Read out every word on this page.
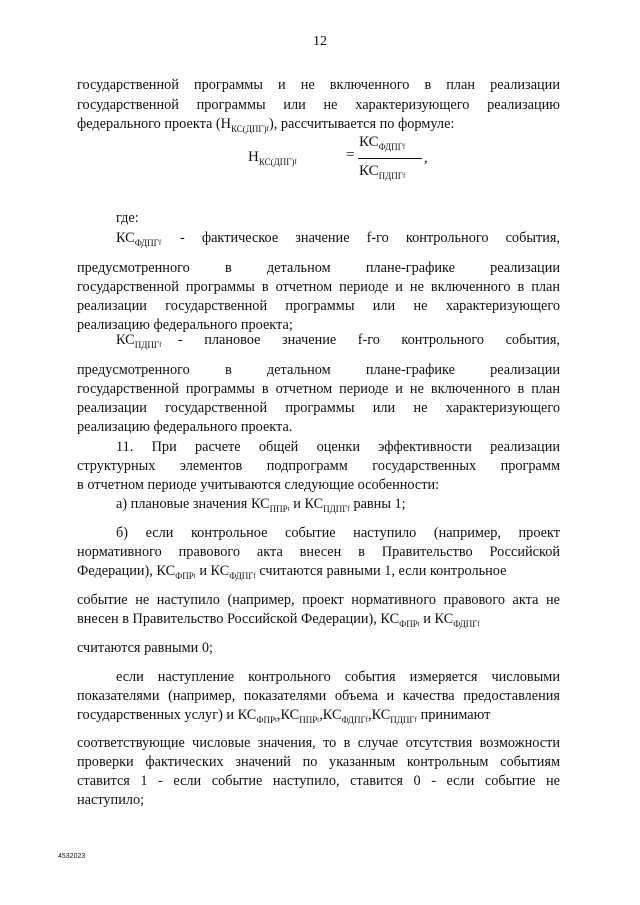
12
государственной программы и не включенного в план реализации
государственной программы или не характеризующего реализацию
федерального проекта $(Н_{КС(ДПГ)f})$, рассчитывается по формуле:
$Н_{КС(ДПГ)f}$	=
$КС_{ФДПГf}$
$КС_{ПДПГf}$
,
где:
$КС_{ФДПГf}$	- фактическое значение f-го контрольного события,
предусмотренного в детальном плане-графике реализации
государственной программы в отчетном периоде и не включенного в план
реализации государственной программы или не характеризующего
реализацию федерального проекта;
$КС_{ПДПГf}$	- плановое значение f-го контрольного события,
предусмотренного в детальном плане-графике реализации
государственной программы в отчетном периоде и не включенного в план
реализации государственной программы или не характеризующего
реализацию федерального проекта.
11. При расчете общей оценки эффективности реализации
структурных элементов подпрограмм государственных программ
в отчетном периоде учитываются следующие особенности:
а) плановые значения $КС_{ППРt}$ и $КС_{ПДПГf}$ равны 1;
б) если контрольное событие наступило (например, проект
нормативного правового акта внесен в Правительство Российской
Федерации), $КС_{ФПРt}$ и $КС_{ФДПГf}$ считаются равными 1, если контрольное
событие не наступило (например, проект нормативного правового акта не
внесен в Правительство Российской Федерации), $КС_{ФПРt}$ и $КС_{ФДПГf}$
считаются равными 0;
если наступление контрольного события измеряется числовыми
показателями (например, показателями объема и качества предоставления
государственных услуг) и $КС_{ФПРt},КС_{ППРt},КС_{ФДПГf},КС_{ПДПГf}$ принимают
соответствующие числовые значения, то в случае отсутствия возможности
проверки фактических значений по указанным контрольным событиям
ставится 1 - если событие наступило, ставится 0 - если событие не
наступило;
4532023
